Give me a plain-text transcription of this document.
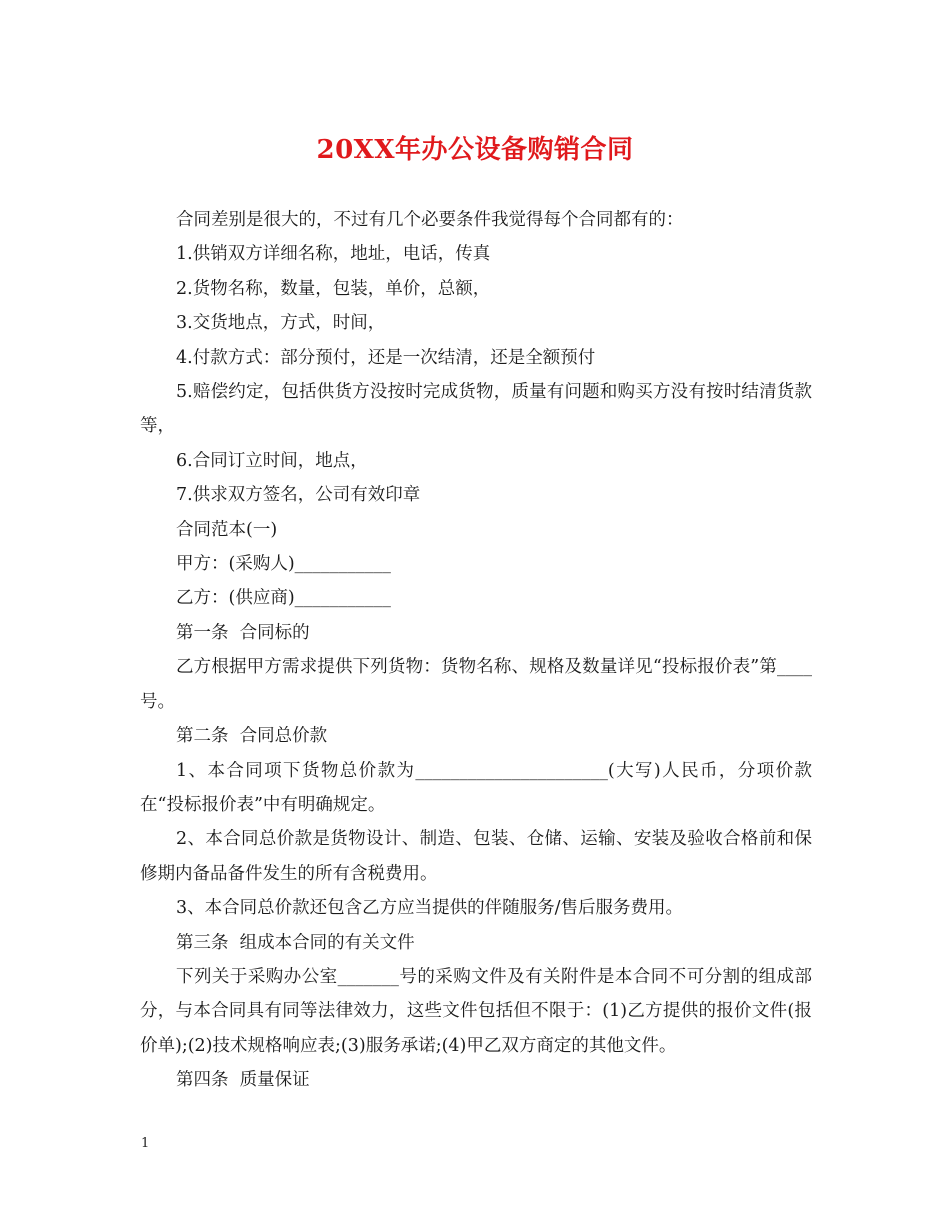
20XX年办公设备购销合同

合同差别是很大的，不过有几个必要条件我觉得每个合同都有的：

1.供销双方详细名称，地址，电话，传真

2.货物名称，数量，包装，单价，总额，

3.交货地点，方式，时间，

4.付款方式：部分预付，还是一次结清，还是全额预付

5.赔偿约定，包括供货方没按时完成货物，质量有问题和购买方没有按时结清货款等，

6.合同订立时间，地点，

7.供求双方签名，公司有效印章

合同范本(一)

甲方：(采购人)___________

乙方：(供应商)___________

第一条  合同标的

乙方根据甲方需求提供下列货物：货物名称、规格及数量详见“投标报价表”第____号。

第二条  合同总价款

1、本合同项下货物总价款为______________________(大写)人民币，分项价款在“投标报价表”中有明确规定。

2、本合同总价款是货物设计、制造、包装、仓储、运输、安装及验收合格前和保修期内备品备件发生的所有含税费用。

3、本合同总价款还包含乙方应当提供的伴随服务/售后服务费用。

第三条  组成本合同的有关文件

下列关于采购办公室_______号的采购文件及有关附件是本合同不可分割的组成部分，与本合同具有同等法律效力，这些文件包括但不限于：(1)乙方提供的报价文件(报价单);(2)技术规格响应表;(3)服务承诺;(4)甲乙双方商定的其他文件。

第四条  质量保证

1
